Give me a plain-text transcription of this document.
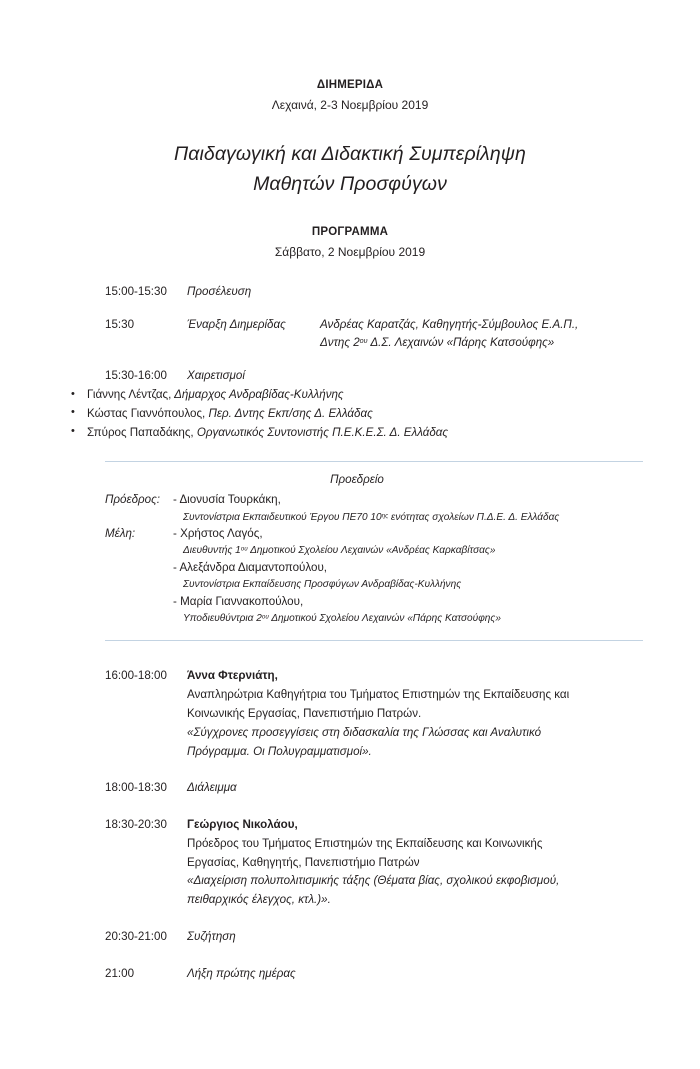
ΔΙΗΜΕΡΙΔΑ
Λεχαινά, 2-3 Νοεμβρίου 2019
Παιδαγωγική και Διδακτική Συμπερίληψη
Μαθητών Προσφύγων
ΠΡΟΓΡΑΜΜΑ
Σάββατο, 2 Νοεμβρίου 2019
15:00-15:30	Προσέλευση
15:30	Έναρξη Διημερίδας	Ανδρέας Καρατζάς, Καθηγητής-Σύμβουλος Ε.Α.Π.,
Δντης $2^{o\upsilon}$ Δ.Σ. Λεχαινών «Πάρης Κατσούφης»
15:30-16:00	Χαιρετισμοί
• Γιάννης Λέντζας, Δήμαρχος Ανδραβίδας-Κυλλήνης
• Κώστας Γιαννόπουλος, Περ. Δντης Εκπ/σης Δ. Ελλάδας
• Σπύρος Παπαδάκης, Οργανωτικός Συντονιστής Π.Ε.Κ.Ε.Σ. Δ. Ελλάδας
Προεδρείο
Πρόεδρος:	- Διονυσία Τουρκάκη,
Συντονίστρια Εκπαιδευτικού Έργου ΠΕ70 $10^{\eta\varsigma}$ ενότητας σχολείων Π.Δ.Ε. Δ. Ελλάδας
Μέλη:	- Χρήστος Λαγός,
Διευθυντής $1^{o\upsilon}$ Δημοτικού Σχολείου Λεχαινών «Ανδρέας Καρκαβίτσας»
- Αλεξάνδρα Διαμαντοπούλου,
Συντονίστρια Εκπαίδευσης Προσφύγων Ανδραβίδας-Κυλλήνης
- Μαρία Γιαννακοπούλου,
Υποδιευθύντρια $2^{o\upsilon}$ Δημοτικού Σχολείου Λεχαινών «Πάρης Κατσούφης»
16:00-18:00	Άννα Φτερνιάτη,
Αναπληρώτρια Καθηγήτρια του Τμήματος Επιστημών της Εκπαίδευσης και
Κοινωνικής Εργασίας, Πανεπιστήμιο Πατρών.
«Σύγχρονες προσεγγίσεις στη διδασκαλία της Γλώσσας και Αναλυτικό
Πρόγραμμα. Οι Πολυγραμματισμοί».
18:00-18:30	Διάλειμμα
18:30-20:30	Γεώργιος Νικολάου,
Πρόεδρος του Τμήματος Επιστημών της Εκπαίδευσης και Κοινωνικής
Εργασίας, Καθηγητής, Πανεπιστήμιο Πατρών
«Διαχείριση πολυπολιτισμικής τάξης (Θέματα βίας, σχολικού εκφοβισμού,
πειθαρχικός έλεγχος, κτλ.)».
20:30-21:00	Συζήτηση
21:00	Λήξη πρώτης ημέρας
